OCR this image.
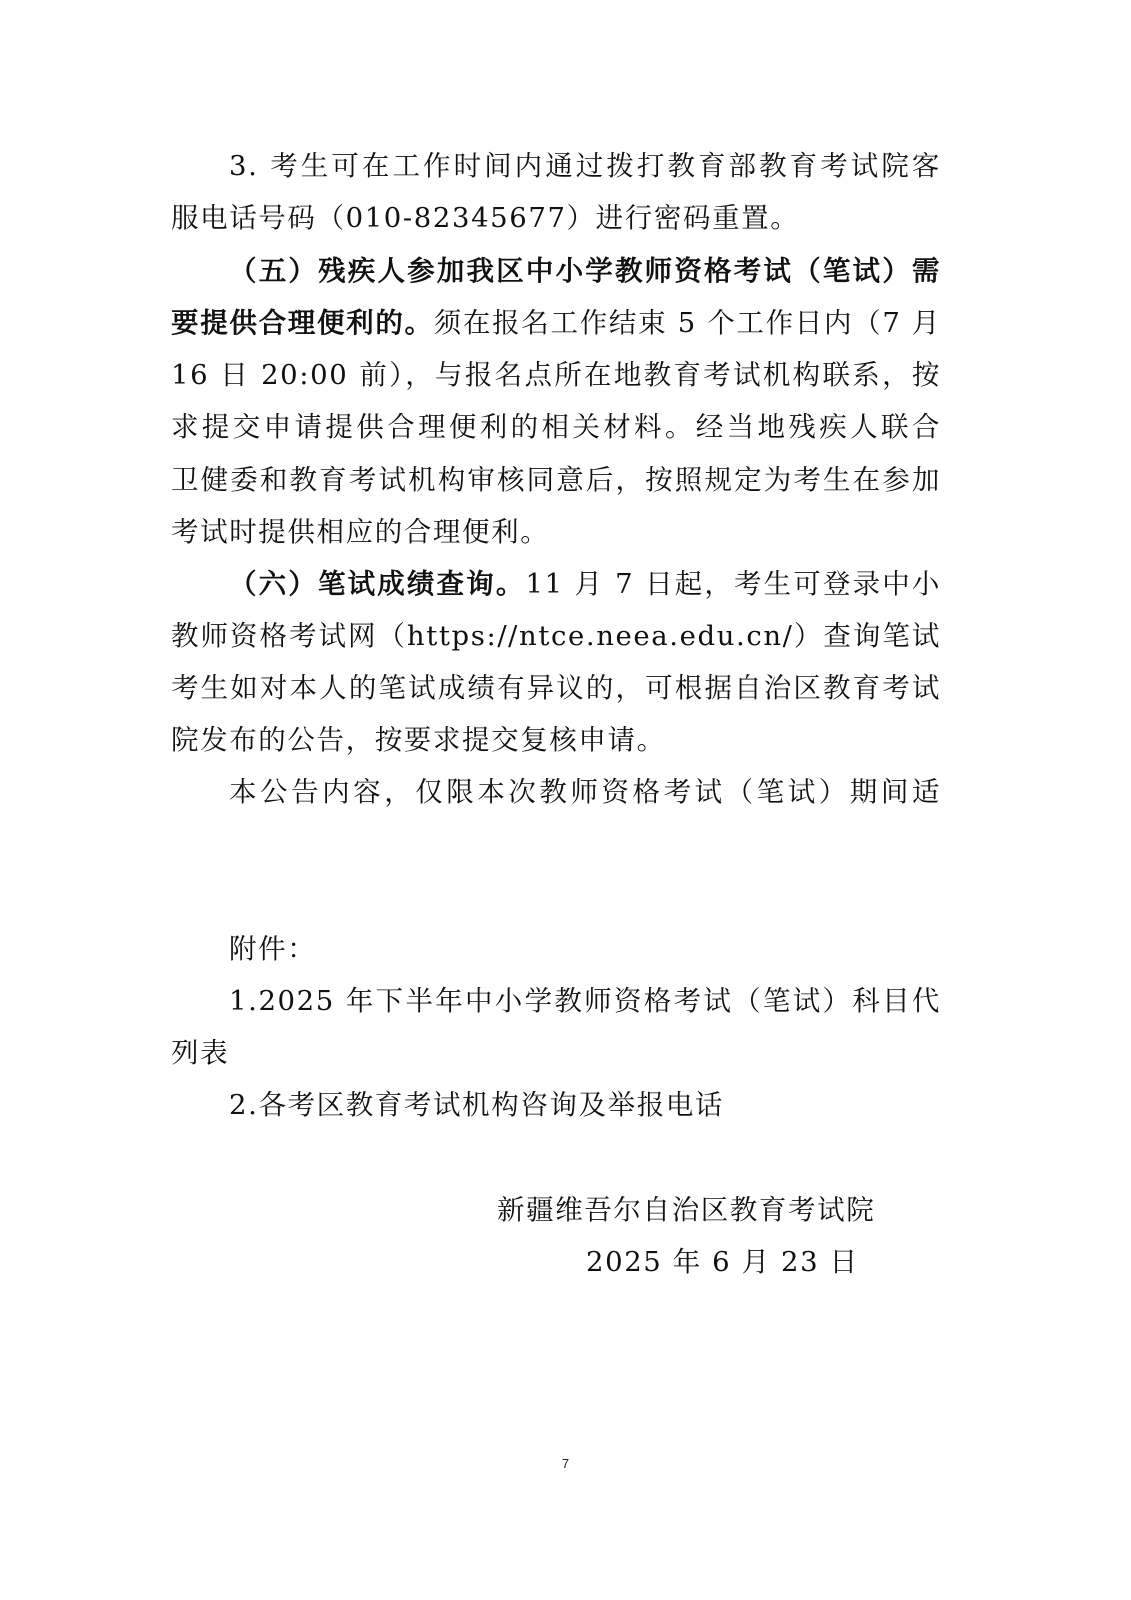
3. 考生可在工作时间内通过拨打教育部教育考试院客
服电话号码（010-82345677）进行密码重置。
（五）残疾人参加我区中小学教师资格考试（笔试）需
要提供合理便利的。须在报名工作结束 5 个工作日内（7 月
16 日 20:00 前），与报名点所在地教育考试机构联系，按
求提交申请提供合理便利的相关材料。经当地残疾人联合
卫健委和教育考试机构审核同意后，按照规定为考生在参加
考试时提供相应的合理便利。
（六）笔试成绩查询。11 月 7 日起，考生可登录中小
教师资格考试网（https://ntce.neea.edu.cn/）查询笔试
考生如对本人的笔试成绩有异议的，可根据自治区教育考试
院发布的公告，按要求提交复核申请。
本公告内容，仅限本次教师资格考试（笔试）期间适
附件：
1.2025 年下半年中小学教师资格考试（笔试）科目代
列表
2.各考区教育考试机构咨询及举报电话
新疆维吾尔自治区教育考试院
2025 年 6 月 23 日
7
